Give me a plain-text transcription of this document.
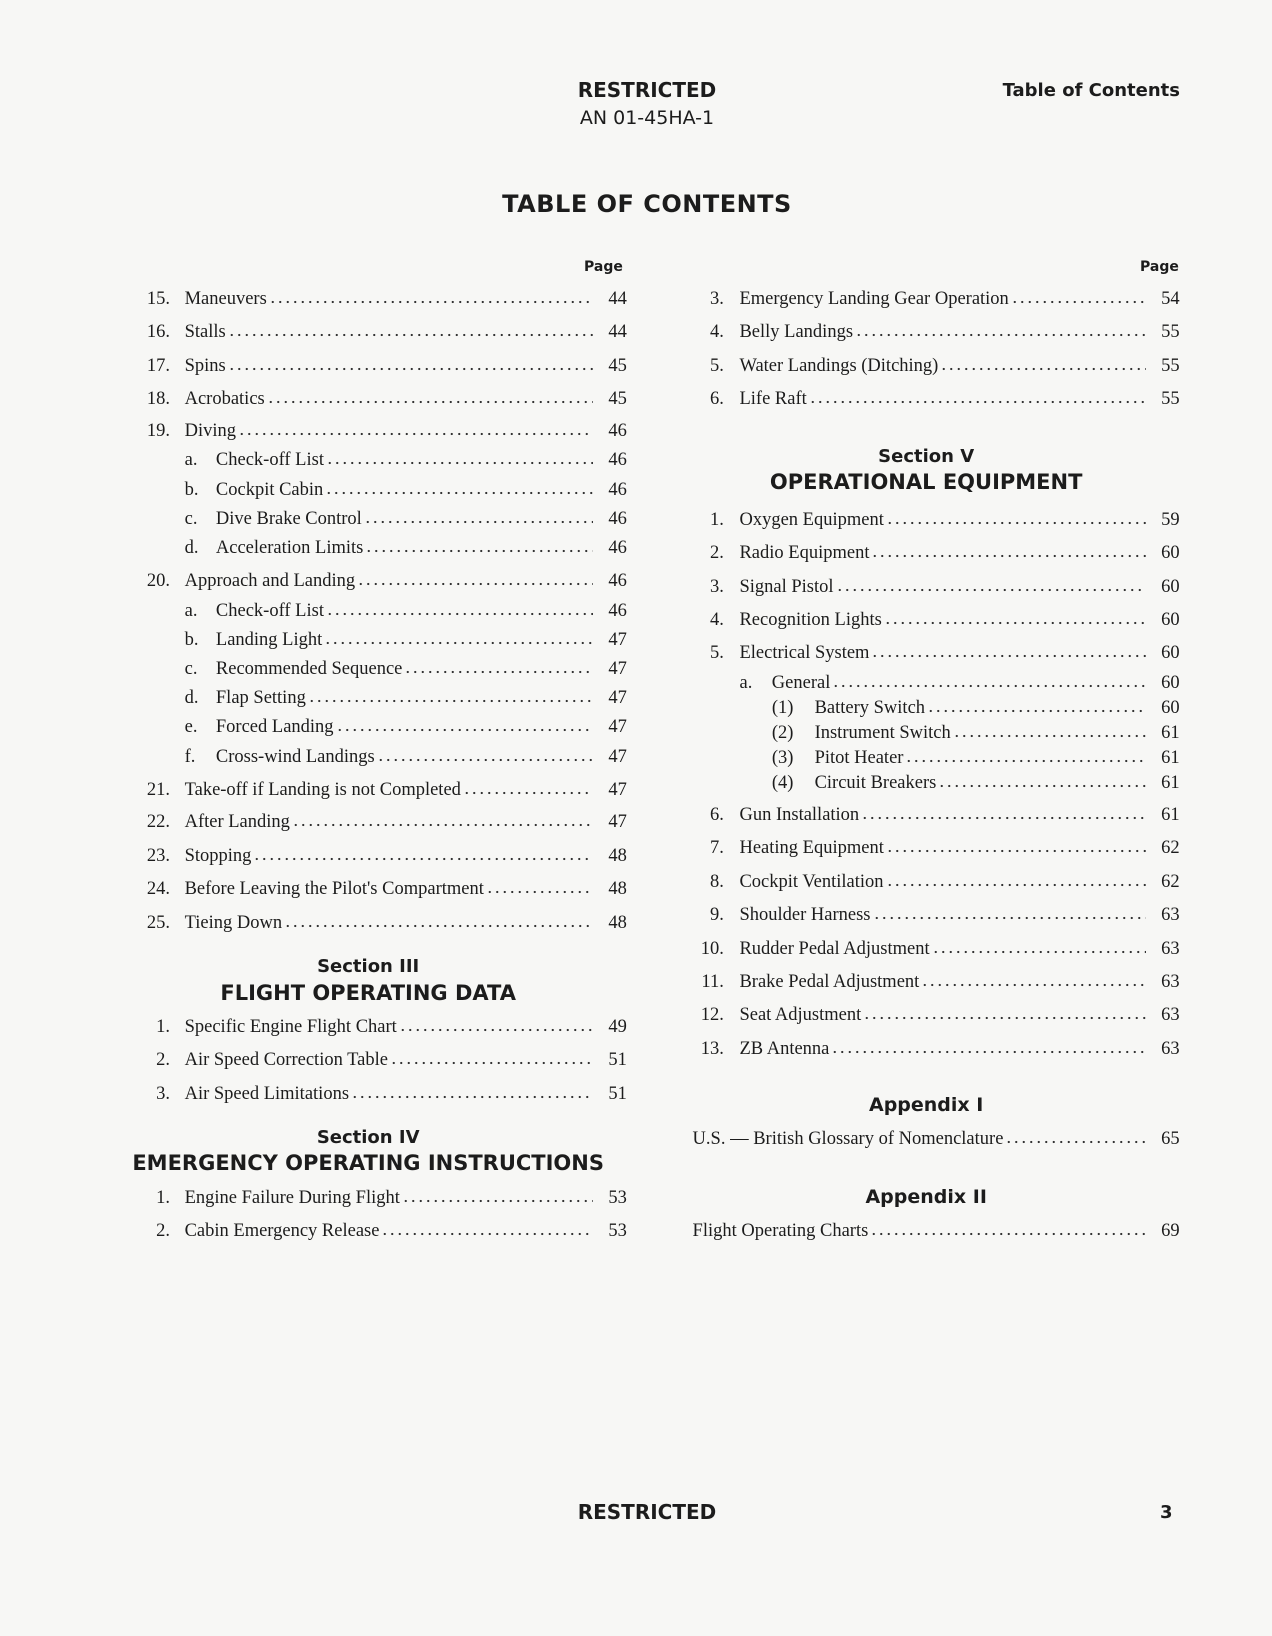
RESTRICTED
AN 01-45HA-1
Table of Contents
TABLE OF CONTENTS
Page	Page
15. Maneuvers	44
16. Stalls	44
17. Spins	45
18. Acrobatics	45
19. Diving	46
a. Check-off List	46
b. Cockpit Cabin	46
c. Dive Brake Control	46
d. Acceleration Limits	46
20. Approach and Landing	46
a. Check-off List	46
b. Landing Light	47
c. Recommended Sequence	47
d. Flap Setting	47
e. Forced Landing	47
f.	Cross-wind Landings	47
21. Take-off if Landing is not Completed	47
22. After Landing	47
23. Stopping	48
24. Before Leaving the Pilot's Compartment	48
25. Tieing Down	48
Section III
FLIGHT OPERATING DATA
1. Specific Engine Flight Chart	49
2. Air Speed Correction Table	51
3. Air Speed Limitations	51
Section IV
EMERGENCY OPERATING INSTRUCTIONS
1. Engine Failure During Flight	53
2. Cabin Emergency Release	53
3. Emergency Landing Gear Operation	54
4. Belly Landings	55
5. Water Landings (Ditching)	55
6. Life Raft	55
Section V
OPERATIONAL EQUIPMENT
1. Oxygen Equipment	59
2. Radio Equipment	60
3. Signal Pistol	60
4. Recognition Lights	60
5. Electrical System	60
a.	General	60
(1)	Battery Switch	60
(2)	Instrument Switch	61
(3)	Pitot Heater	61
(4)	Circuit Breakers	61
6. Gun Installation	61
7. Heating Equipment	62
8. Cockpit Ventilation	62
9. Shoulder Harness	63
10. Rudder Pedal Adjustment	63
11. Brake Pedal Adjustment	63
12. Seat Adjustment	63
13. ZB Antenna	63
Appendix I
U.S. — British Glossary of Nomenclature	65
Appendix II
Flight Operating Charts	69
RESTRICTED	3
